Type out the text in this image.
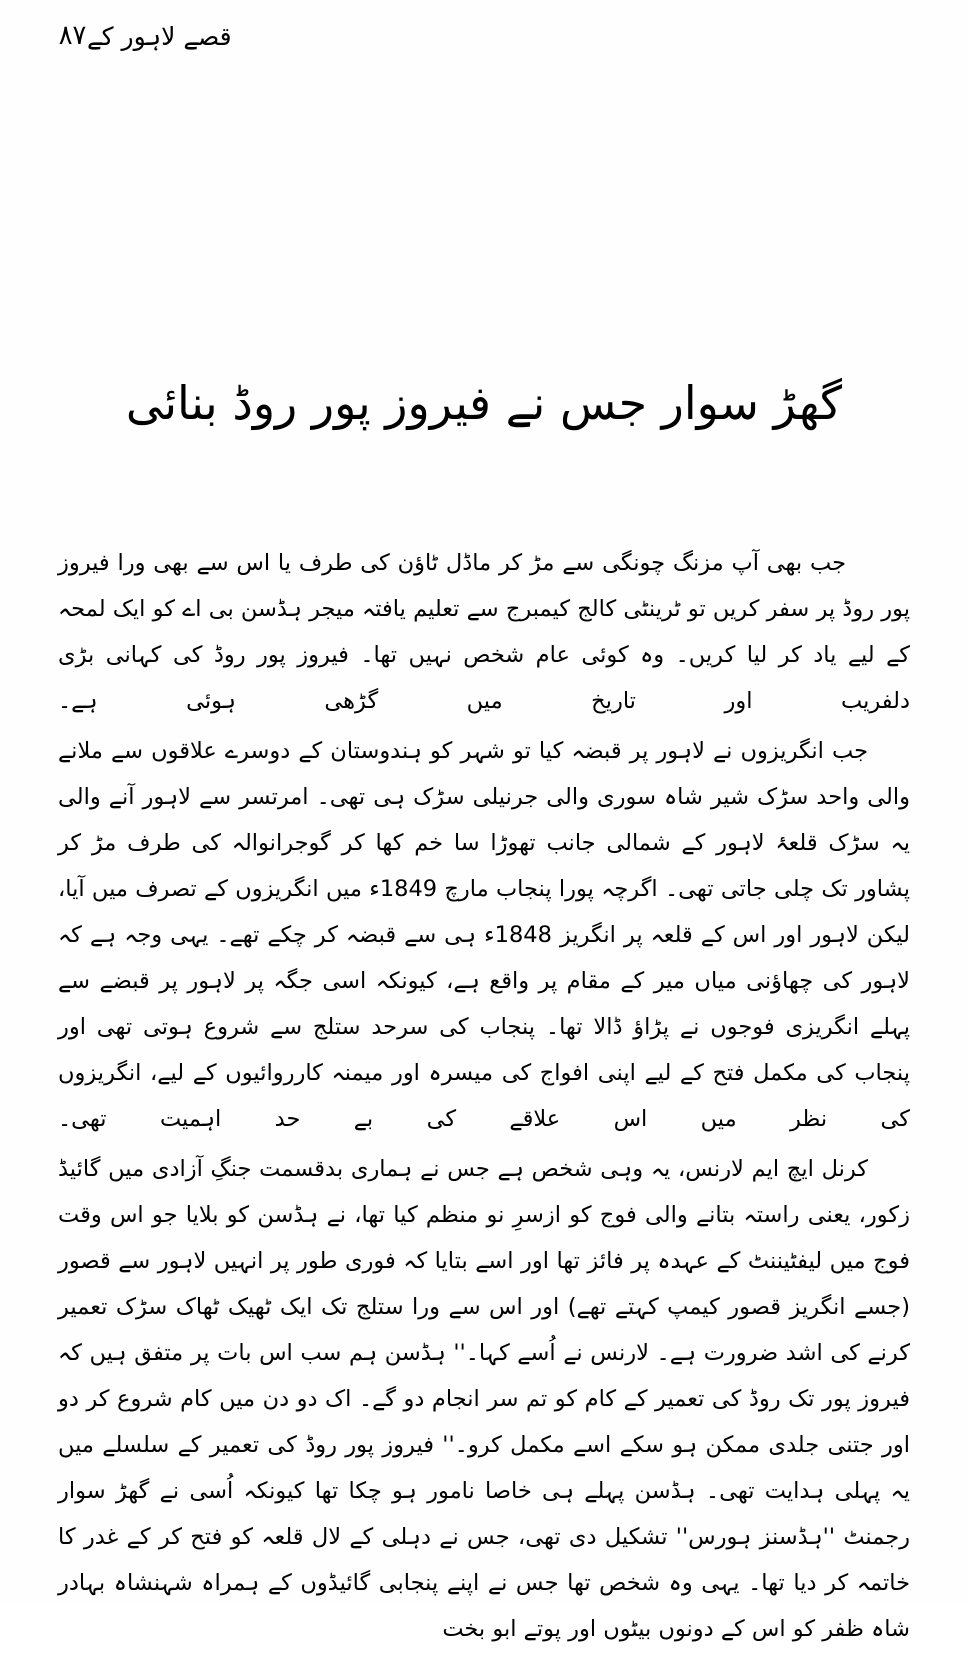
۸۷ قصے لاہور کے
گھڑ سوار جس نے فیروز پور روڈ بنائی

جب بھی آپ مزنگ چونگی سے مڑ کر ماڈل ٹاؤن کی طرف یا اس سے بھی ورا فیروز پور روڈ پر سفر کریں تو ٹرینٹی کالج کیمبرج سے تعلیم یافتہ میجر ہڈسن بی اے کو ایک لمحہ کے لیے یاد کر لیا کریں۔ وہ کوئی عام شخص نہیں تھا۔ فیروز پور روڈ کی کہانی بڑی دلفریب اور تاریخ میں گڑھی ہوئی ہے۔

جب انگریزوں نے لاہور پر قبضہ کیا تو شہر کو ہندوستان کے دوسرے علاقوں سے ملانے والی واحد سڑک شیر شاہ سوری والی جرنیلی سڑک ہی تھی۔ امرتسر سے لاہور آنے والی یہ سڑک قلعۂ لاہور کے شمالی جانب تھوڑا سا خم کھا کر گوجرانوالہ کی طرف مڑ کر پشاور تک چلی جاتی تھی۔ اگرچہ پورا پنجاب مارچ 1849ء میں انگریزوں کے تصرف میں آیا، لیکن لاہور اور اس کے قلعہ پر انگریز 1848ء ہی سے قبضہ کر چکے تھے۔ یہی وجہ ہے کہ لاہور کی چھاؤنی میاں میر کے مقام پر واقع ہے، کیونکہ اسی جگہ پر لاہور پر قبضے سے پہلے انگریزی فوجوں نے پڑاؤ ڈالا تھا۔ پنجاب کی سرحد ستلج سے شروع ہوتی تھی اور پنجاب کی مکمل فتح کے لیے اپنی افواج کی میسرہ اور میمنہ کارروائیوں کے لیے، انگریزوں کی نظر میں اس علاقے کی بے حد اہمیت تھی۔

کرنل ایچ ایم لارنس، یہ وہی شخص ہے جس نے ہماری بدقسمت جنگِ آزادی میں گائیڈ زکور، یعنی راستہ بتانے والی فوج کو ازسرِ نو منظم کیا تھا، نے ہڈسن کو بلایا جو اس وقت فوج میں لیفٹیننٹ کے عہدہ پر فائز تھا اور اسے بتایا کہ فوری طور پر انہیں لاہور سے قصور (جسے انگریز قصور کیمپ کہتے تھے) اور اس سے ورا ستلج تک ایک ٹھیک ٹھاک سڑک تعمیر کرنے کی اشد ضرورت ہے۔ لارنس نے اُسے کہا۔'' ہڈسن ہم سب اس بات پر متفق ہیں کہ فیروز پور تک روڈ کی تعمیر کے کام کو تم سر انجام دو گے۔ اک دو دن میں کام شروع کر دو اور جتنی جلدی ممکن ہو سکے اسے مکمل کرو۔'' فیروز پور روڈ کی تعمیر کے سلسلے میں یہ پہلی ہدایت تھی۔ ہڈسن پہلے ہی خاصا نامور ہو چکا تھا کیونکہ اُسی نے گھڑ سوار رجمنٹ ''ہڈسنز ہورس'' تشکیل دی تھی، جس نے دہلی کے لال قلعہ کو فتح کر کے غدر کا خاتمہ کر دیا تھا۔ یہی وہ شخص تھا جس نے اپنے پنجابی گائیڈوں کے ہمراہ شہنشاہ بہادر شاہ ظفر کو اس کے دونوں بیٹوں اور پوتے ابو بخت
